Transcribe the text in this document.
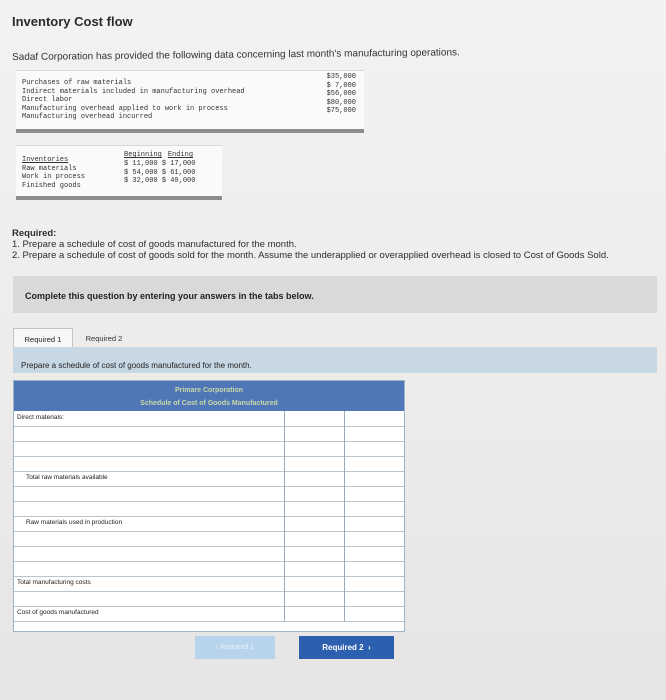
Inventory Cost flow
Sadaf Corporation has provided the following data concerning last month's manufacturing operations.
Purchases of raw materials
Indirect materials included in manufacturing overhead
Direct labor
Manufacturing overhead applied to work in process
Manufacturing overhead incurred
$35,000
$ 7,000
$56,000
$80,000
$75,000
Inventories
Raw materials
Work in process
Finished goods
Beginning Ending
$ 11,000 $ 17,000
$ 54,000 $ 61,000
$ 32,000 $ 40,000
Required:
1. Prepare a schedule of cost of goods manufactured for the month.
2. Prepare a schedule of cost of goods sold for the month. Assume the underapplied or overapplied overhead is closed to Cost of Goods Sold.
Complete this question by entering your answers in the tabs below.
Required 1	Required 2
Prepare a schedule of cost of goods manufactured for the month.
Primare Corporation
Schedule of Cost of Goods Manufactured
Direct materials:
Total raw materials available
Raw materials used in production
Total manufacturing costs
Cost of goods manufactured
‹ Required 1	Required 2  ›
